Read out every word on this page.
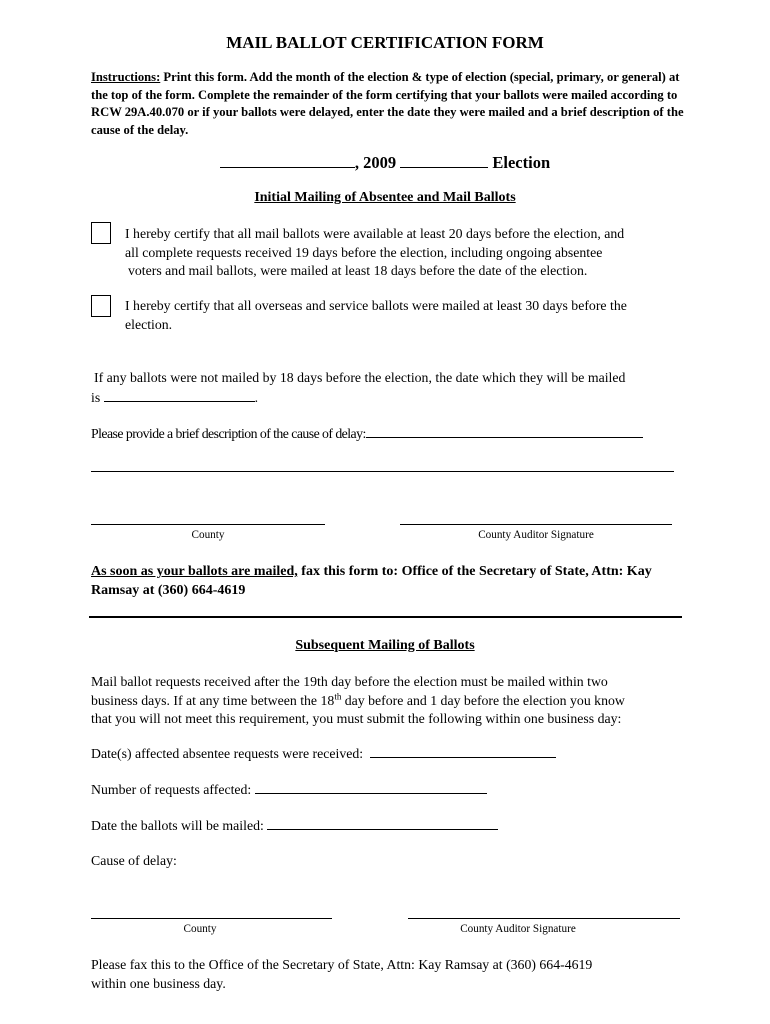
MAIL BALLOT CERTIFICATION FORM
Instructions: Print this form. Add the month of the election & type of election (special, primary, or general) at the top of the form. Complete the remainder of the form certifying that your ballots were mailed according to RCW 29A.40.070 or if your ballots were delayed, enter the date they were mailed and a brief description of the cause of the delay.
, 2009	Election
Initial Mailing of Absentee and Mail Ballots
I hereby certify that all mail ballots were available at least 20 days before the election, and
all complete requests received 19 days before the election, including ongoing absentee
voters and mail ballots, were mailed at least 18 days before the date of the election.
I hereby certify that all overseas and service ballots were mailed at least 30 days before the
election.
If any ballots were not mailed by 18 days before the election, the date which they will be mailed
is	.
Please provide a brief description of the cause of delay:
County	County Auditor Signature
As soon as your ballots are mailed, fax this form to: Office of the Secretary of State, Attn: Kay Ramsay at (360) 664-4619
Subsequent Mailing of Ballots
Mail ballot requests received after the 19th day before the election must be mailed within two
business days. If at any time between the 18th day before and 1 day before the election you know
that you will not meet this requirement, you must submit the following within one business day:
Date(s) affected absentee requests were received:
Number of requests affected:
Date the ballots will be mailed:
Cause of delay:
County	County Auditor Signature
Please fax this to the Office of the Secretary of State, Attn: Kay Ramsay at (360) 664-4619
within one business day.
